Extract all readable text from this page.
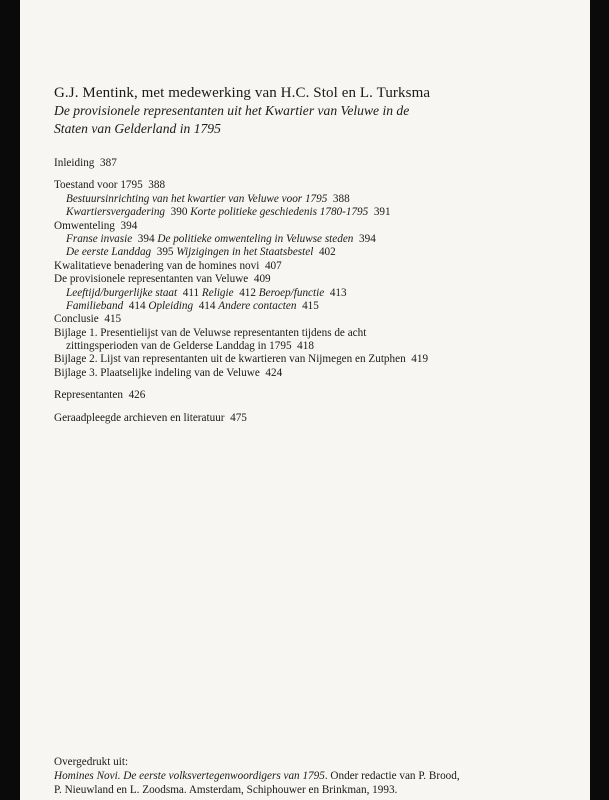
G.J. Mentink, met medewerking van H.C. Stol en L. Turksma
De provisionele representanten uit het Kwartier van Veluwe in de
Staten van Gelderland in 1795
Inleiding 387
Toestand voor 1795 388
Bestuursinrichting van het kwartier van Veluwe voor 1795 388
Kwartiersvergadering 390 Korte politieke geschiedenis 1780-1795 391
Omwenteling 394
Franse invasie 394 De politieke omwenteling in Veluwse steden 394
De eerste Landdag 395 Wijzigingen in het Staatsbestel 402
Kwalitatieve benadering van de homines novi 407
De provisionele representanten van Veluwe 409
Leeftijd/burgerlijke staat 411 Religie 412 Beroep/functie 413
Familieband 414 Opleiding 414 Andere contacten 415
Conclusie 415
Bijlage 1. Presentielijst van de Veluwse representanten tijdens de acht
zittingsperioden van de Gelderse Landdag in 1795 418
Bijlage 2. Lijst van representanten uit de kwartieren van Nijmegen en Zutphen 419
Bijlage 3. Plaatselijke indeling van de Veluwe 424
Representanten 426
Geraadpleegde archieven en literatuur 475
Overgedrukt uit:
Homines Novi. De eerste volksvertegenwoordigers van 1795. Onder redactie van P. Brood,
P. Nieuwland en L. Zoodsma. Amsterdam, Schiphouwer en Brinkman, 1993.
